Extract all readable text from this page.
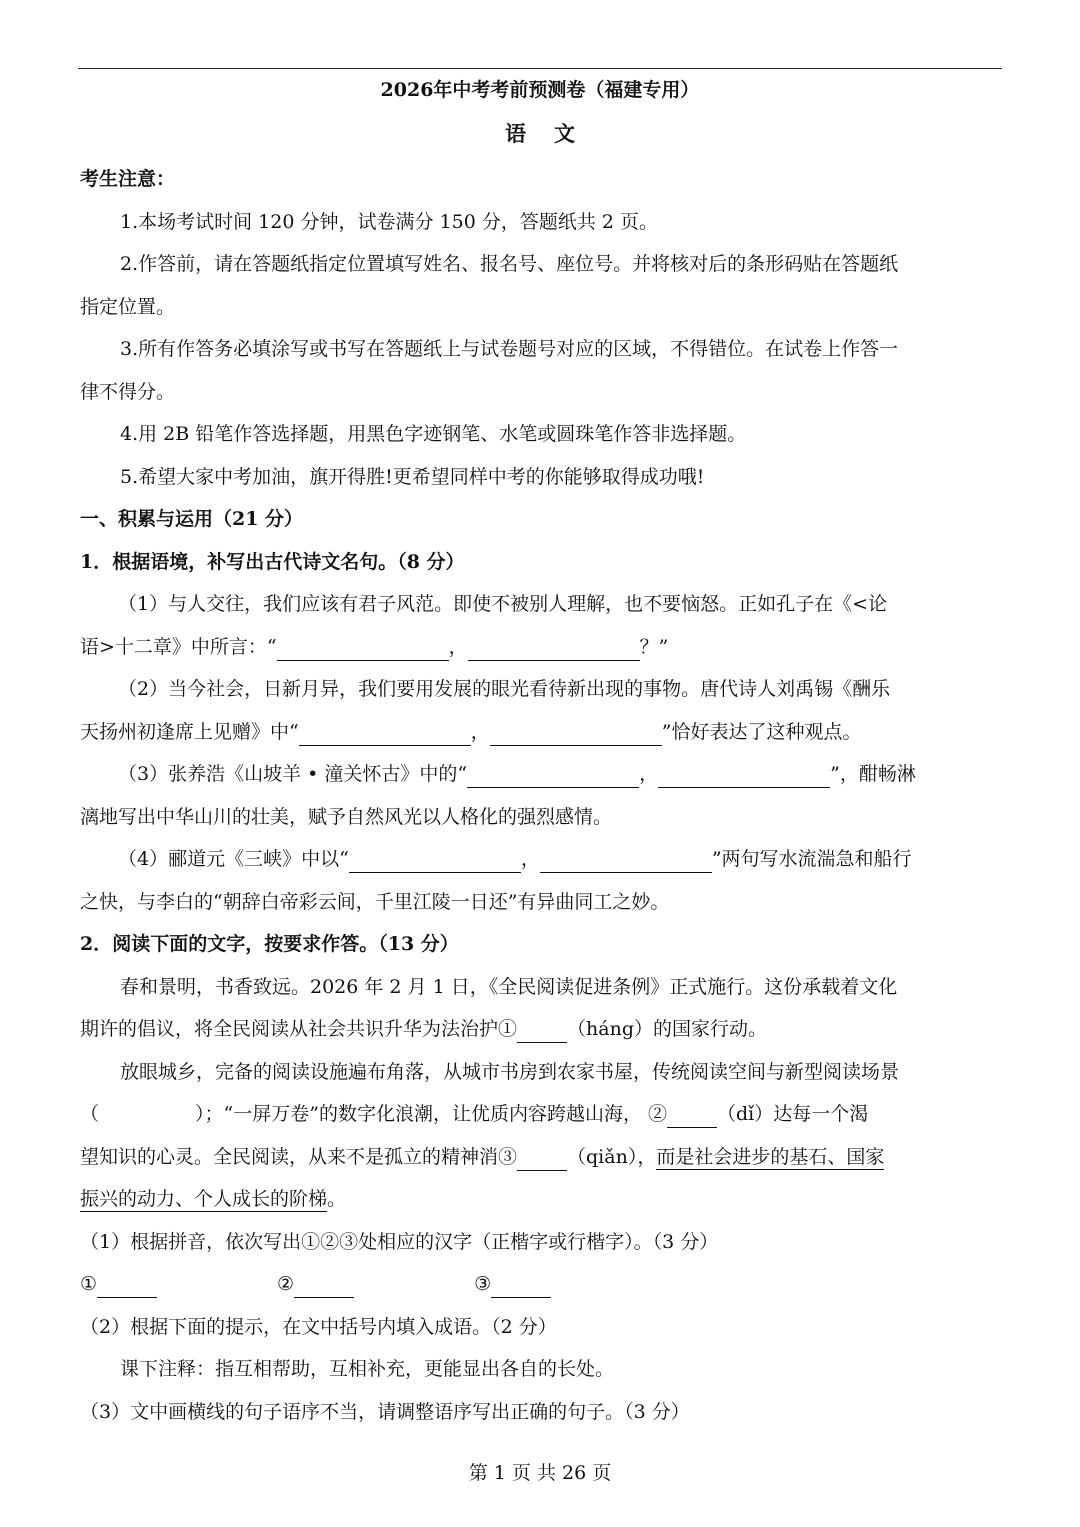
2026年中考考前预测卷（福建专用）
语文
考生注意：
1.本场考试时间 120 分钟，试卷满分 150 分，答题纸共 2 页。
2.作答前，请在答题纸指定位置填写姓名、报名号、座位号。并将核对后的条形码贴在答题纸
指定位置。
3.所有作答务必填涂写或书写在答题纸上与试卷题号对应的区域，不得错位。在试卷上作答一
律不得分。
4.用 2B 铅笔作答选择题，用黑色字迹钢笔、水笔或圆珠笔作答非选择题。
5.希望大家中考加油，旗开得胜!更希望同样中考的你能够取得成功哦!
一、积累与运用（21 分）
1．根据语境，补写出古代诗文名句。（8 分）
（1）与人交往，我们应该有君子风范。即使不被别人理解，也不要恼怒。正如孔子在《<论
语>十二章》中所言：“	，	？”
（2）当今社会，日新月异，我们要用发展的眼光看待新出现的事物。唐代诗人刘禹锡《酬乐
天扬州初逢席上见赠》中“	，	”恰好表达了这种观点。
（3）张养浩《山坡羊 • 潼关怀古》中的“	，	”，酣畅淋
漓地写出中华山川的壮美，赋予自然风光以人格化的强烈感情。
（4）郦道元《三峡》中以“	，	”两句写水流湍急和船行
之快，与李白的“朝辞白帝彩云间，千里江陵一日还”有异曲同工之妙。
2．阅读下面的文字，按要求作答。（13 分）
春和景明，书香致远。2026 年 2 月 1 日，《全民阅读促进条例》正式施行。这份承载着文化
期许的倡议，将全民阅读从社会共识升华为法治护①	（háng）的国家行动。
放眼城乡，完备的阅读设施遍布角落，从城市书房到农家书屋，传统阅读空间与新型阅读场景
（	）；“一屏万卷”的数字化浪潮，让优质内容跨越山海， ②	（dǐ）达每一个渴
望知识的心灵。全民阅读，从来不是孤立的精神消③	（qiǎn），而是社会进步的基石、国家
振兴的动力、个人成长的阶梯。
（1）根据拼音，依次写出①②③处相应的汉字（正楷字或行楷字）。（3 分）
①	②	③
（2）根据下面的提示，在文中括号内填入成语。（2 分）
课下注释：指互相帮助，互相补充，更能显出各自的长处。
（3）文中画横线的句子语序不当，请调整语序写出正确的句子。（3 分）
第 1 页 共 26 页
